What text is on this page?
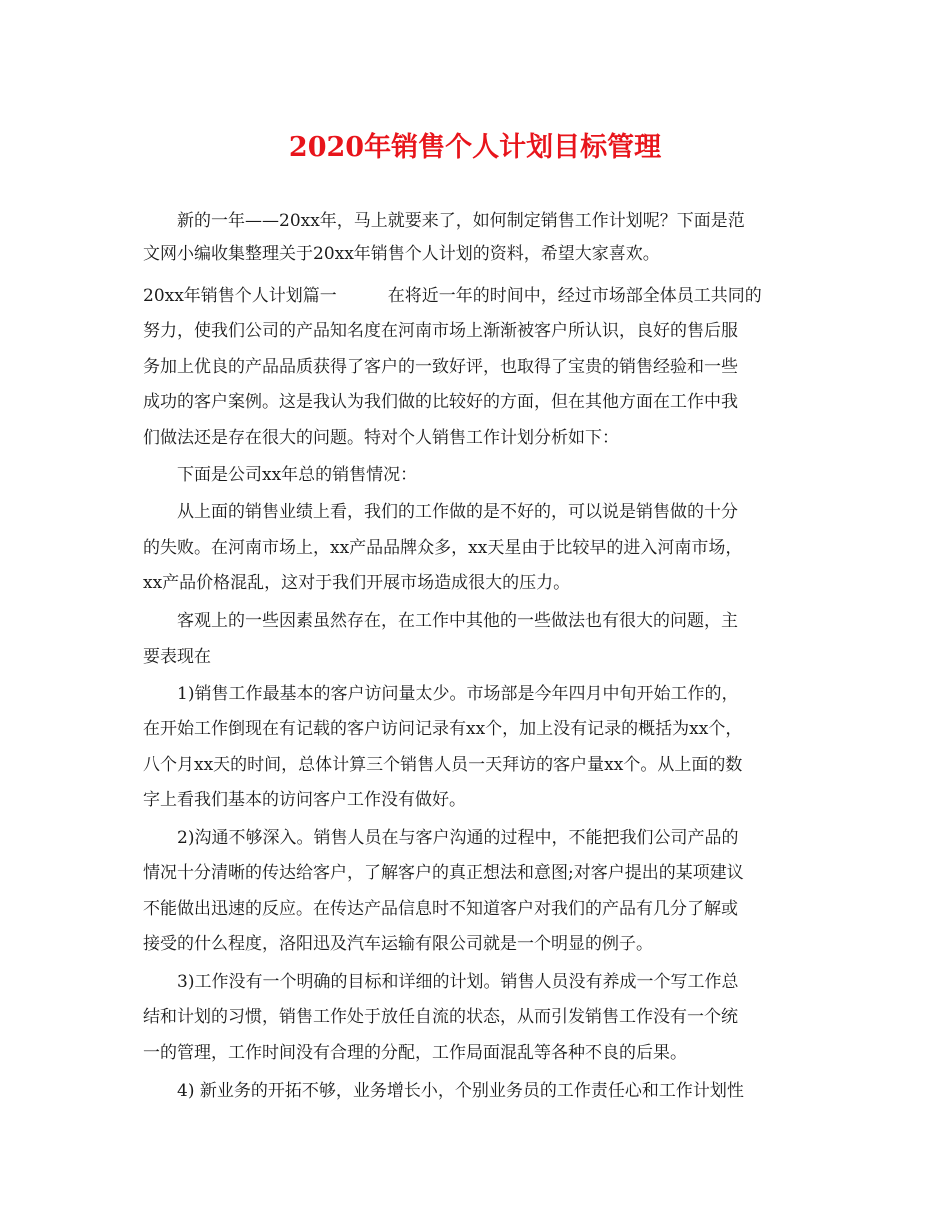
2020年销售个人计划目标管理
　　新的一年——20xx年，马上就要来了，如何制定销售工作计划呢？下面是范
文网小编收集整理关于20xx年销售个人计划的资料，希望大家喜欢。
20xx年销售个人计划篇一　　　在将近一年的时间中，经过市场部全体员工共同的
努力，使我们公司的产品知名度在河南市场上渐渐被客户所认识，良好的售后服
务加上优良的产品品质获得了客户的一致好评，也取得了宝贵的销售经验和一些
成功的客户案例。这是我认为我们做的比较好的方面，但在其他方面在工作中我
们做法还是存在很大的问题。特对个人销售工作计划分析如下：
　　下面是公司xx年总的销售情况：
　　从上面的销售业绩上看，我们的工作做的是不好的，可以说是销售做的十分
的失败。在河南市场上，xx产品品牌众多，xx天星由于比较早的进入河南市场，
xx产品价格混乱，这对于我们开展市场造成很大的压力。
　　客观上的一些因素虽然存在，在工作中其他的一些做法也有很大的问题，主
要表现在
　　1)销售工作最基本的客户访问量太少。市场部是今年四月中旬开始工作的，
在开始工作倒现在有记载的客户访问记录有xx个，加上没有记录的概括为xx个，
八个月xx天的时间，总体计算三个销售人员一天拜访的客户量xx个。从上面的数
字上看我们基本的访问客户工作没有做好。
　　2)沟通不够深入。销售人员在与客户沟通的过程中，不能把我们公司产品的
情况十分清晰的传达给客户，了解客户的真正想法和意图;对客户提出的某项建议
不能做出迅速的反应。在传达产品信息时不知道客户对我们的产品有几分了解或
接受的什么程度，洛阳迅及汽车运输有限公司就是一个明显的例子。
　　3)工作没有一个明确的目标和详细的计划。销售人员没有养成一个写工作总
结和计划的习惯，销售工作处于放任自流的状态，从而引发销售工作没有一个统
一的管理，工作时间没有合理的分配，工作局面混乱等各种不良的后果。
　　4) 新业务的开拓不够，业务增长小，个别业务员的工作责任心和工作计划性
